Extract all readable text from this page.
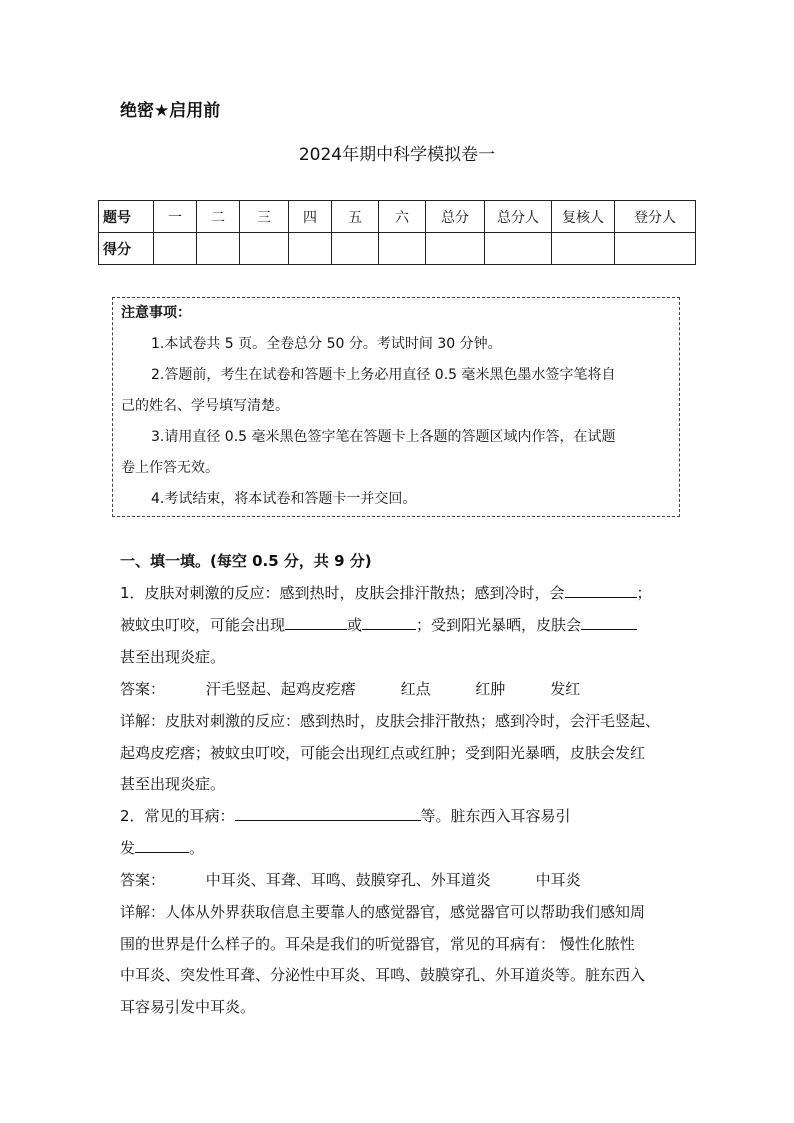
绝密★启用前
2024年期中科学模拟卷一
题号	一	二	三	四	五	六	总分	总分人	复核人	登分人
得分										
注意事项：
1.本试卷共 5 页。全卷总分 50 分。考试时间 30 分钟。
2.答题前，考生在试卷和答题卡上务必用直径 0.5 毫米黑色墨水签字笔将自
己的姓名、学号填写清楚。
3.请用直径 0.5 毫米黑色签字笔在答题卡上各题的答题区域内作答，在试题
卷上作答无效。
4.考试结束，将本试卷和答题卡一并交回。
一、填一填。(每空 0.5 分，共 9 分)
1．皮肤对刺激的反应：感到热时，皮肤会排汗散热；感到冷时，会	；
被蚊虫叮咬，可能会出现	或	；受到阳光暴晒，皮肤会
甚至出现炎症。
答案：	汗毛竖起、起鸡皮疙瘩	红点	红肿	发红
详解：皮肤对刺激的反应：感到热时，皮肤会排汗散热；感到冷时，会汗毛竖起、
起鸡皮疙瘩；被蚊虫叮咬，可能会出现红点或红肿；受到阳光暴晒，皮肤会发红
甚至出现炎症。
2．常见的耳病：	等。脏东西入耳容易引
发	。
答案：	中耳炎、耳聋、耳鸣、鼓膜穿孔、外耳道炎	中耳炎
详解：人体从外界获取信息主要靠人的感觉器官，感觉器官可以帮助我们感知周
围的世界是什么样子的。耳朵是我们的听觉器官，常见的耳病有： 慢性化脓性
中耳炎、突发性耳聋、分泌性中耳炎、耳鸣、鼓膜穿孔、外耳道炎等。脏东西入
耳容易引发中耳炎。
